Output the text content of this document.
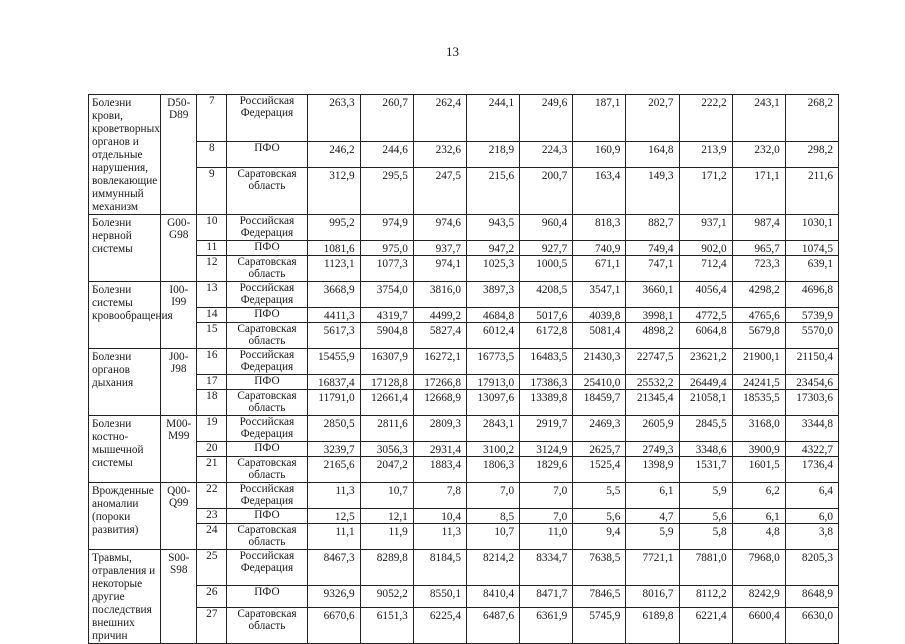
13
Болезни крови, кроветворных органов и отдельные нарушения, вовлекающие иммунный механизм	D50- D89	7	Российская Федерация	263,3	260,7	262,4	244,1	249,6	187,1	202,7	222,2	243,1	268,2
		8	ПФО	246,2	244,6	232,6	218,9	224,3	160,9	164,8	213,9	232,0	298,2
		9	Саратовская область	312,9	295,5	247,5	215,6	200,7	163,4	149,3	171,2	171,1	211,6
Болезни нервной системы	G00- G98	10	Российская Федерация	995,2	974,9	974,6	943,5	960,4	818,3	882,7	937,1	987,4	1030,1
		11	ПФО	1081,6	975,0	937,7	947,2	927,7	740,9	749,4	902,0	965,7	1074,5
		12	Саратовская область	1123,1	1077,3	974,1	1025,3	1000,5	671,1	747,1	712,4	723,3	639,1
Болезни системы кровообращения	I00- I99	13	Российская Федерация	3668,9	3754,0	3816,0	3897,3	4208,5	3547,1	3660,1	4056,4	4298,2	4696,8
		14	ПФО	4411,3	4319,7	4499,2	4684,8	5017,6	4039,8	3998,1	4772,5	4765,6	5739,9
		15	Саратовская область	5617,3	5904,8	5827,4	6012,4	6172,8	5081,4	4898,2	6064,8	5679,8	5570,0
Болезни органов дыхания	J00- J98	16	Российская Федерация	15455,9	16307,9	16272,1	16773,5	16483,5	21430,3	22747,5	23621,2	21900,1	21150,4
		17	ПФО	16837,4	17128,8	17266,8	17913,0	17386,3	25410,0	25532,2	26449,4	24241,5	23454,6
		18	Саратовская область	11791,0	12661,4	12668,9	13097,6	13389,8	18459,7	21345,4	21058,1	18535,5	17303,6
Болезни костно- мышечной системы	M00- M99	19	Российская Федерация	2850,5	2811,6	2809,3	2843,1	2919,7	2469,3	2605,9	2845,5	3168,0	3344,8
		20	ПФО	3239,7	3056,3	2931,4	3100,2	3124,9	2625,7	2749,3	3348,6	3900,9	4322,7
		21	Саратовская область	2165,6	2047,2	1883,4	1806,3	1829,6	1525,4	1398,9	1531,7	1601,5	1736,4
Врожденные аномалии (пороки развития)	Q00- Q99	22	Российская Федерация	11,3	10,7	7,8	7,0	7,0	5,5	6,1	5,9	6,2	6,4
		23	ПФО	12,5	12,1	10,4	8,5	7,0	5,6	4,7	5,6	6,1	6,0
		24	Саратовская область	11,1	11,9	11,3	10,7	11,0	9,4	5,9	5,8	4,8	3,8
Травмы, отравления и некоторые другие последствия внешних причин	S00- S98	25	Российская Федерация	8467,3	8289,8	8184,5	8214,2	8334,7	7638,5	7721,1	7881,0	7968,0	8205,3
		26	ПФО	9326,9	9052,2	8550,1	8410,4	8471,7	7846,5	8016,7	8112,2	8242,9	8648,9
		27	Саратовская область	6670,6	6151,3	6225,4	6487,6	6361,9	5745,9	6189,8	6221,4	6600,4	6630,0
